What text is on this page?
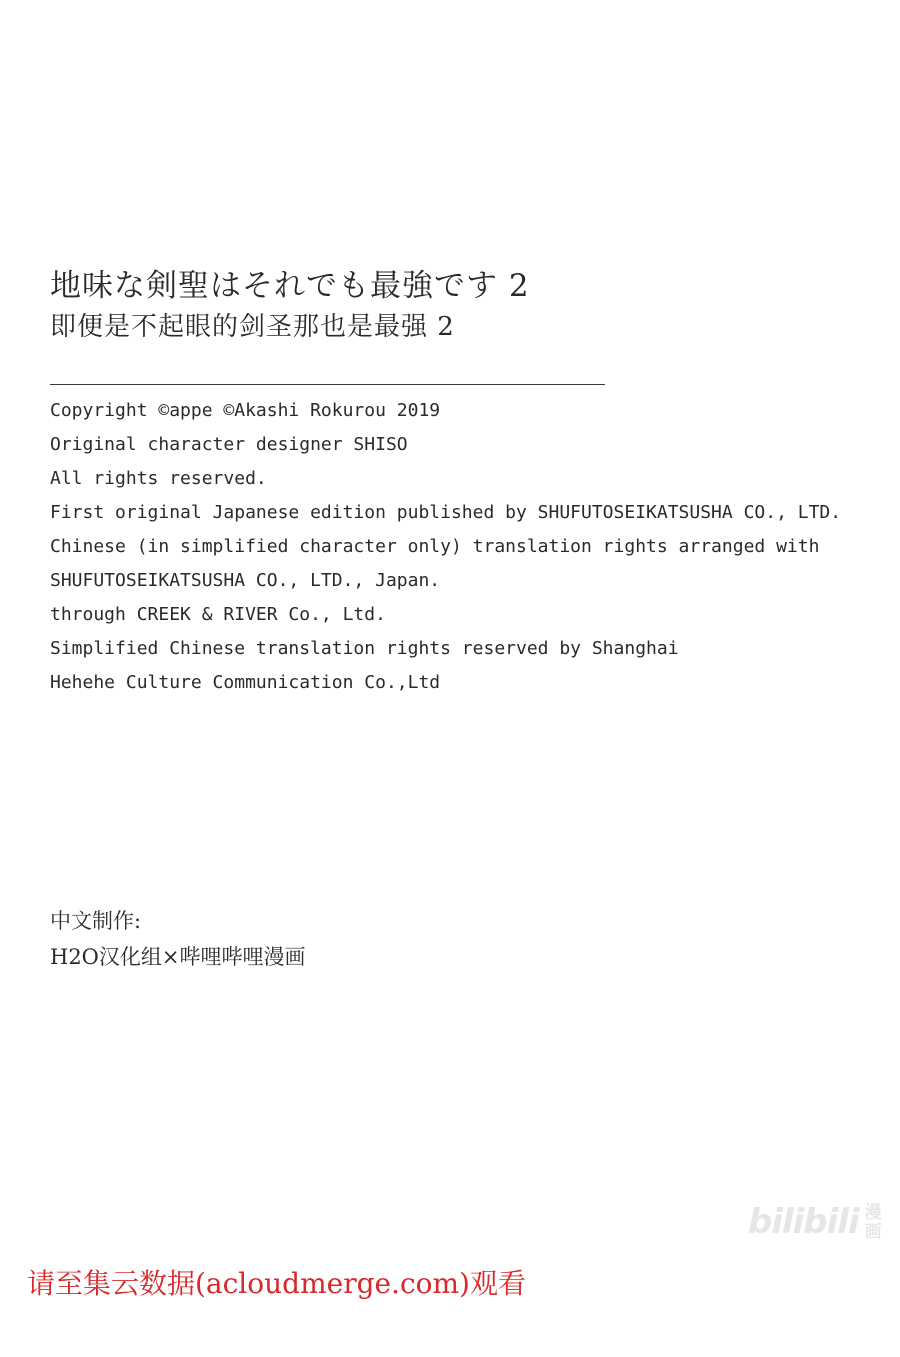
地味な剣聖はそれでも最強です 2
即便是不起眼的剑圣那也是最强 2
Copyright ©appe ©Akashi Rokurou 2019
Original character designer SHISO
All rights reserved.
First original Japanese edition published by SHUFUTOSEIKATSUSHA CO., LTD.
Chinese (in simplified character only) translation rights arranged with
SHUFUTOSEIKATSUSHA CO., LTD., Japan.
through CREEK & RIVER Co., Ltd.
Simplified Chinese translation rights reserved by Shanghai
Hehehe Culture Communication Co.,Ltd
中文制作:
H2O汉化组×哔哩哔哩漫画
bilibili 漫
画
请至集云数据(acloudmerge.com)观看
